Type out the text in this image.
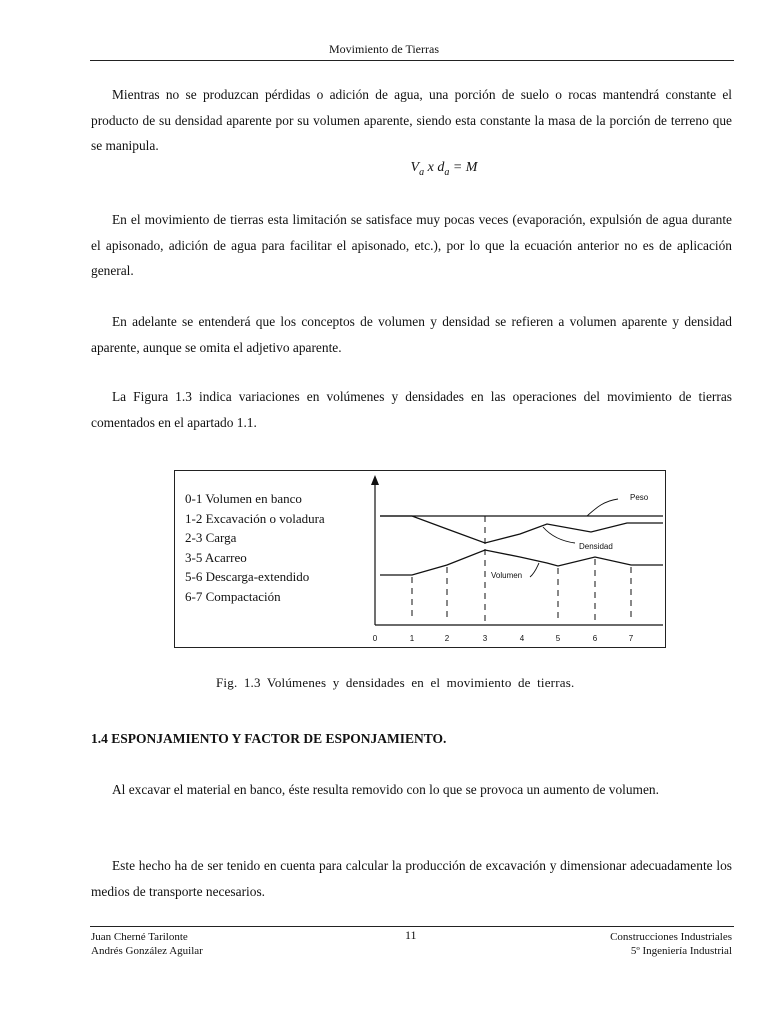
Movimiento de Tierras

Mientras no se produzcan pérdidas o adición de agua, una porción de suelo o rocas mantendrá constante el producto de su densidad aparente por su volumen aparente, siendo esta constante la masa de la porción de terreno que se manipula.

$V_a$ x $d_a = M$

En el movimiento de tierras esta limitación se satisface muy pocas veces (evaporación, expulsión de agua durante el apisonado, adición de agua para facilitar el apisonado, etc.), por lo que la ecuación anterior no es de aplicación general.

En adelante se entenderá que los conceptos de volumen y densidad se refieren a volumen aparente y densidad aparente, aunque se omita el adjetivo aparente.

La Figura 1.3 indica variaciones en volúmenes y densidades en las operaciones del movimiento de tierras comentados en el apartado 1.1.

0-1 Volumen en banco
1-2 Excavación o voladura
2-3 Carga
3-5 Acarreo
5-6 Descarga-extendido
6-7 Compactación
Peso
Densidad
Volumen
0	1	2	3	4	5	6	7
Fig. 1.3 Volúmenes y densidades en el movimiento de tierras.
1.4 ESPONJAMIENTO Y FACTOR DE ESPONJAMIENTO.

Al excavar el material en banco, éste resulta removido con lo que se provoca un aumento de volumen.

Este hecho ha de ser tenido en cuenta para calcular la producción de excavación y dimensionar adecuadamente los medios de transporte necesarios.

Juan Cherné Tarilonte
Andrés González Aguilar
11	Construcciones Industriales
5º Ingeniería Industrial
